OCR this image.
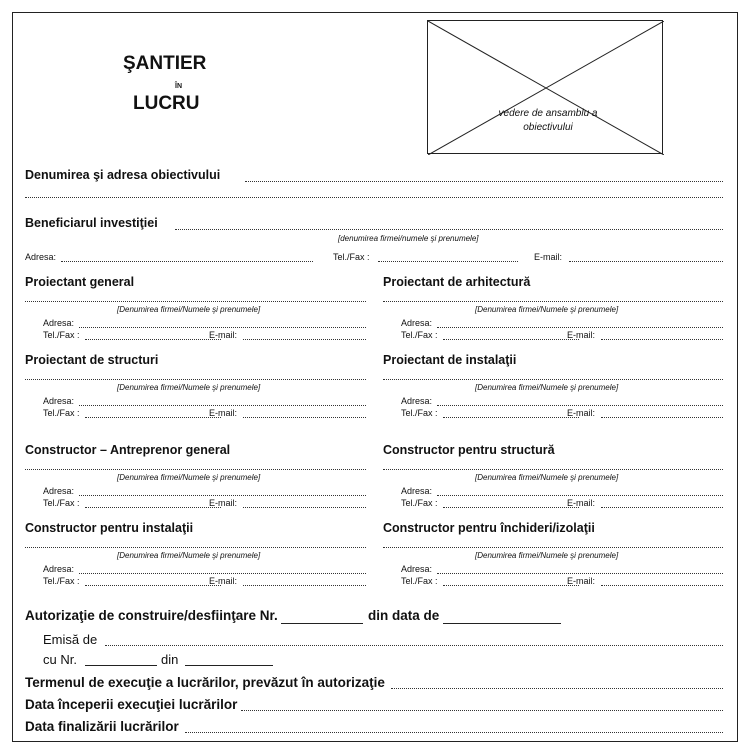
ŞANTIER
ÎN
LUCRU	vedere de ansamblu a obiectivului
Denumirea şi adresa obiectivului
Beneficiarul investiţiei
[denumirea firmei/numele şi prenumele]
Adresa:	Tel./Fax :	E-mail:
Proiectant general
[Denumirea firmei/Numele şi prenumele]
Adresa:
Tel./Fax :	E-mail:
Proiectant de structuri
[Denumirea firmei/Numele şi prenumele]
Adresa:
Tel./Fax :	E-mail:
Constructor – Antreprenor general
[Denumirea firmei/Numele şi prenumele]
Adresa:
Tel./Fax :	E-mail:
Constructor pentru instalaţii
[Denumirea firmei/Numele şi prenumele]
Adresa:
Tel./Fax :	E-mail:
Proiectant de arhitectură
[Denumirea firmei/Numele şi prenumele]
Adresa:
Tel./Fax :	E-mail:
Proiectant de instalaţii
[Denumirea firmei/Numele şi prenumele]
Adresa:
Tel./Fax :	E-mail:
Constructor pentru structură
[Denumirea firmei/Numele şi prenumele]
Adresa:
Tel./Fax :	E-mail:
Constructor pentru închideri/izolaţii
[Denumirea firmei/Numele şi prenumele]
Adresa:
Tel./Fax :	E-mail:
Autorizaţie de construire/desfiinţare Nr.	din data de
Emisă de
cu Nr.	din
Termenul de execuţie a lucrărilor, prevăzut în autorizaţie
Data începerii execuţiei lucrărilor
Data finalizării lucrărilor
